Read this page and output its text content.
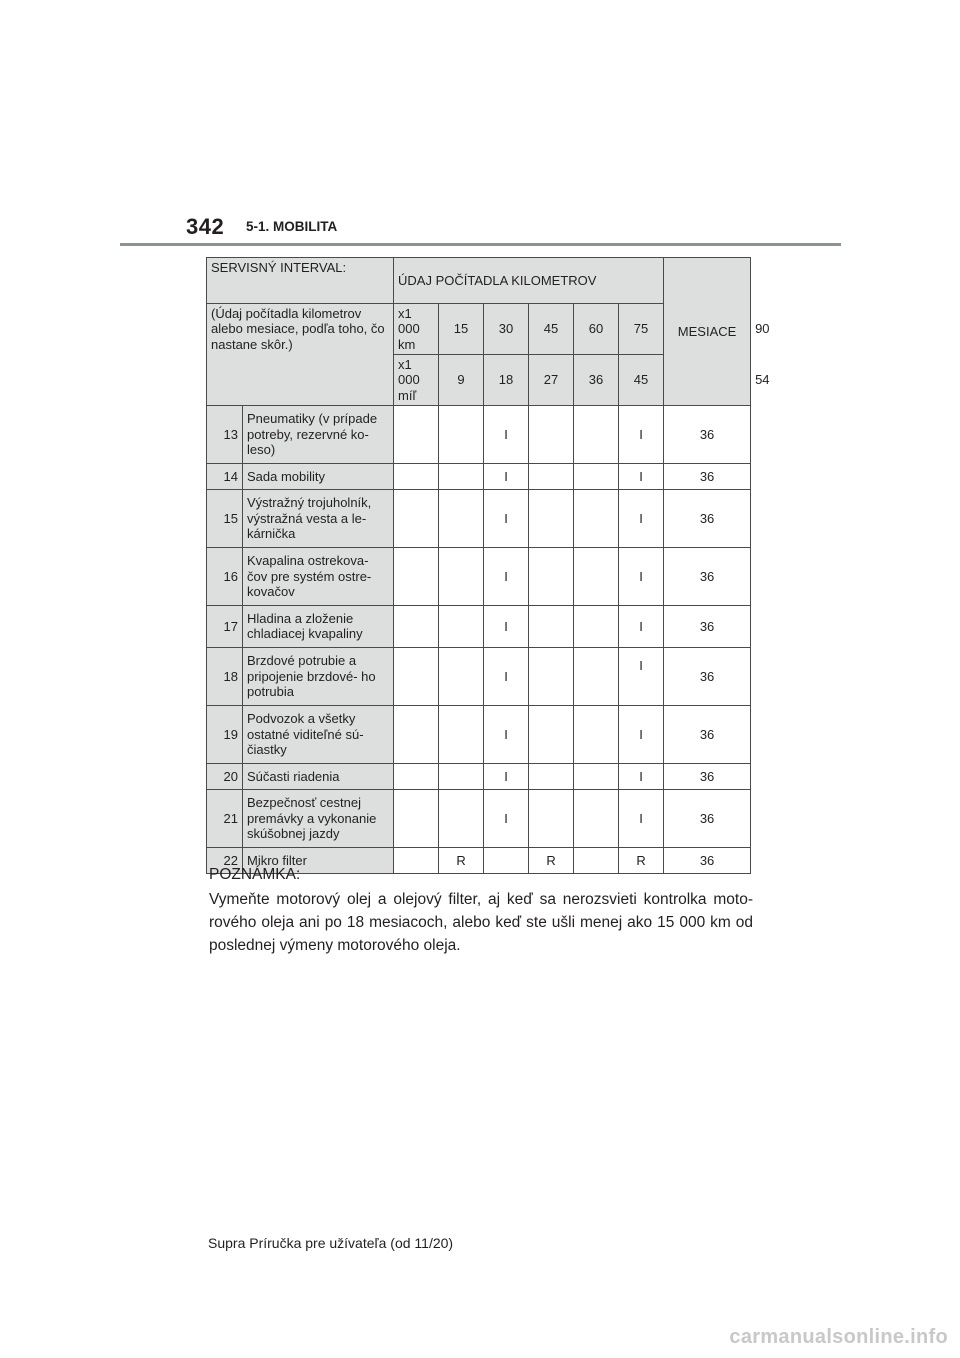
342 5-1. MOBILITA
SERVISNÝ INTERVAL:		ÚDAJ POČÍTADLA KILOMETROV						MESIACE	
(Údaj počítadla kilometrov alebo mesiace, podľa toho, čo nastane skôr.)		x1 000 km	15	30	45	60	75		90
		x1 000 míľ	9	18	27	36	45		54
13	Pneumatiky (v prípade potreby, rezervné ko- leso)			I			I	36	
14	Sada mobility			I			I	36	
15	Výstražný trojuholník, výstražná vesta a le- kárnička			I			I	36	
16	Kvapalina ostrekova- čov pre systém ostre- kovačov			I			I	36	
17	Hladina a zloženie chladiacej kvapaliny			I			I	36	
18	Brzdové potrubie a pripojenie brzdové- ho potrubia			I			I	36	
19	Podvozok a všetky ostatné viditeľné sú- čiastky			I			I	36	
20	Súčasti riadenia			I			I	36	
21	Bezpečnosť cestnej premávky a vykonanie skúšobnej jazdy			I			I	36	
22	Mikro filter		R		R		R	36	
POZNÁMKA:
Vymeňte motorový olej a olejový filter, aj keď sa nerozsvieti kontrolka moto- rového oleja ani po 18 mesiacoch, alebo keď ste ušli menej ako 15 000 km od poslednej výmeny motorového oleja.
Supra Príručka pre užívateľa (od 11/20)
carmanualsonline.info
